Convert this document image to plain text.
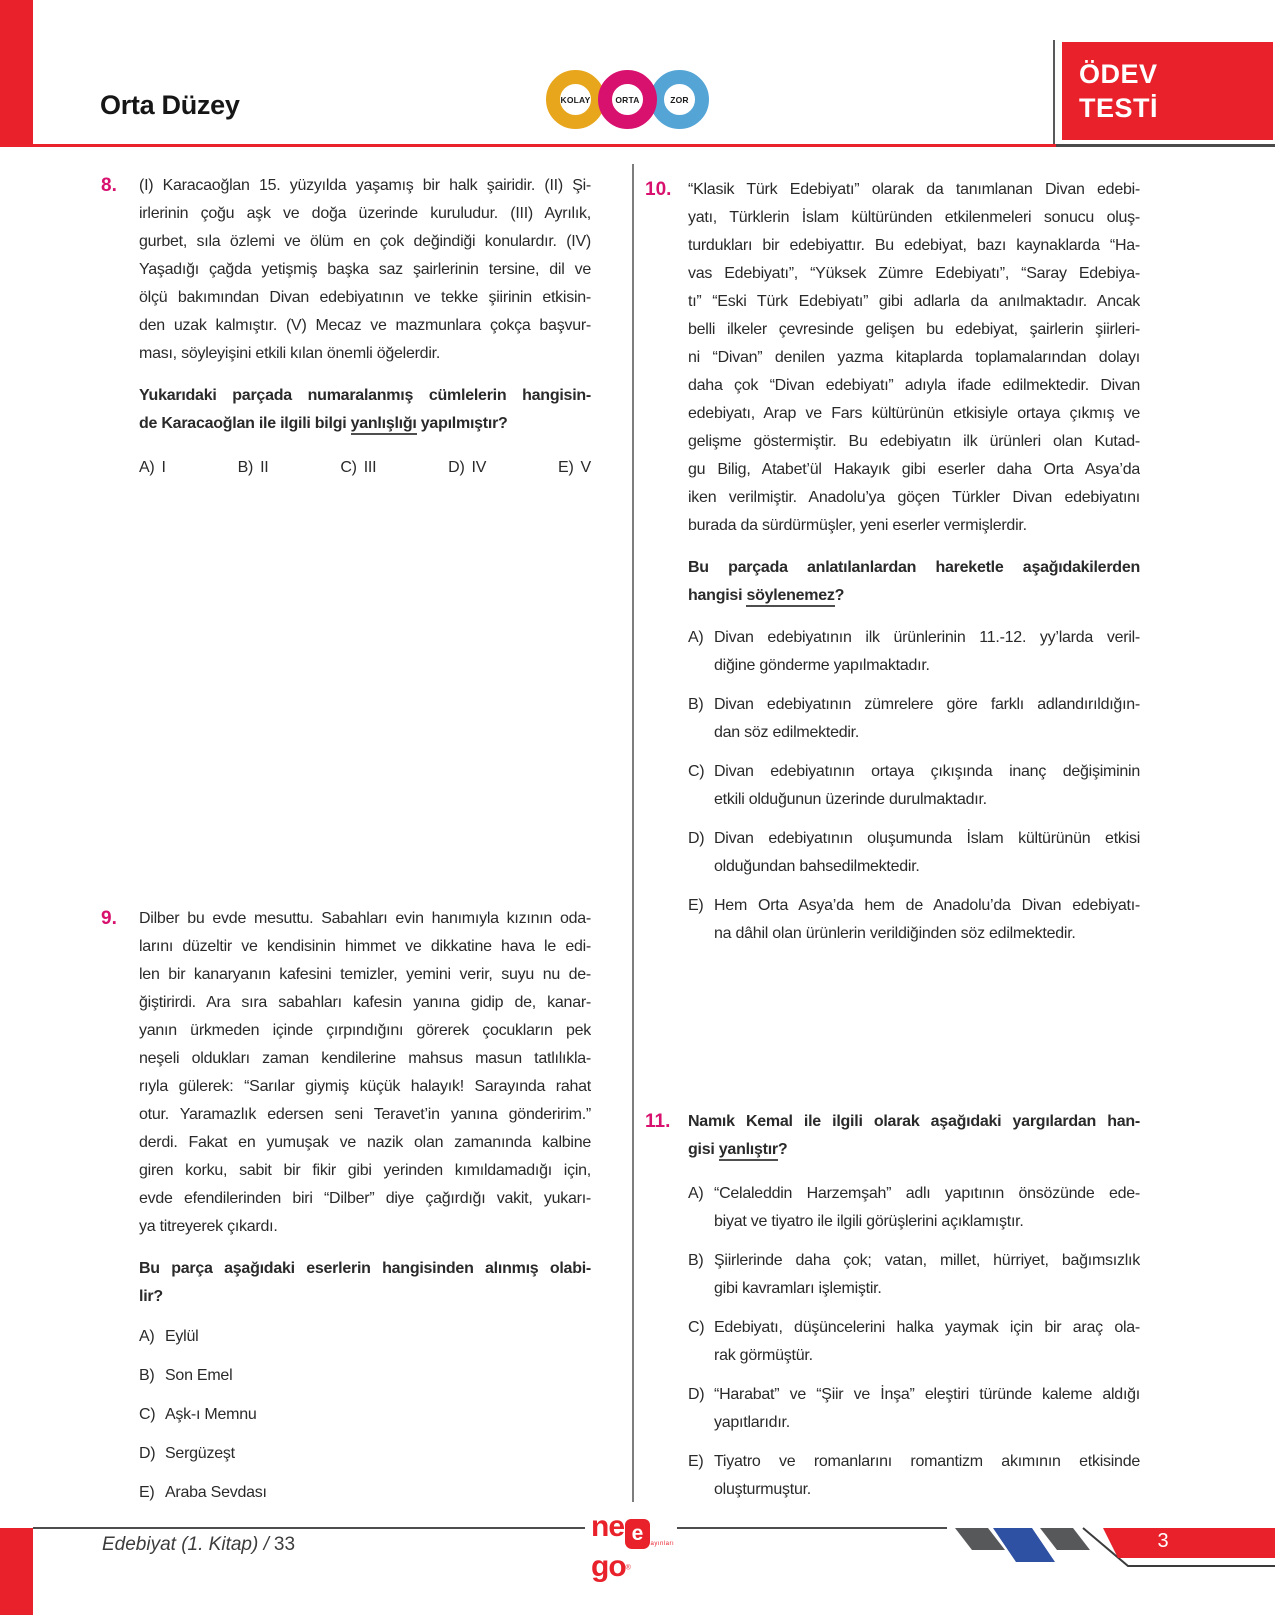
Orta Düzey	KOLAY	ORTA	ZOR
ÖDEV
TESTİ
8.	(I) Karacaoğlan 15. yüzyılda yaşamış bir halk şairidir. (II) Şi-
irlerinin çoğu aşk ve doğa üzerinde kuruludur. (III) Ayrılık,
gurbet, sıla özlemi ve ölüm en çok değindiği konulardır. (IV)
Yaşadığı çağda yetişmiş başka saz şairlerinin tersine, dil ve
ölçü bakımından Divan edebiyatının ve tekke şiirinin etkisin-
den uzak kalmıştır. (V) Mecaz ve mazmunlara çokça başvur-
ması, söyleyişini etkili kılan önemli öğelerdir.
Yukarıdaki parçada numaralanmış cümlelerin hangisin-
de Karacaoğlan ile ilgili bilgi yanlışlığı yapılmıştır?
A) I	B) II	C) III	D) IV	E) V
9.	Dilber bu evde mesuttu. Sabahları evin hanımıyla kızının oda-
larını düzeltir ve kendisinin himmet ve dikkatine hava le edi-
len bir kanaryanın kafesini temizler, yemini verir, suyu nu de-
ğiştirirdi. Ara sıra sabahları kafesin yanına gidip de, kanar-
yanın ürkmeden içinde çırpındığını görerek çocukların pek
neşeli oldukları zaman kendilerine mahsus masun tatlılıkla-
rıyla gülerek: “Sarılar giymiş küçük halayık! Sarayında rahat
otur. Yaramazlık edersen seni Teravet’in yanına gönderirim.”
derdi. Fakat en yumuşak ve nazik olan zamanında kalbine
giren korku, sabit bir fikir gibi yerinden kımıldamadığı için,
evde efendilerinden biri “Dilber” diye çağırdığı vakit, yukarı-
ya titreyerek çıkardı.
Bu parça aşağıdaki eserlerin hangisinden alınmış olabi-
lir?
A) Eylül
B) Son Emel
C) Aşk-ı Memnu
D) Sergüzeşt
E) Araba Sevdası
10.	“Klasik Türk Edebiyatı” olarak da tanımlanan Divan edebi-
yatı, Türklerin İslam kültüründen etkilenmeleri sonucu oluş-
turdukları bir edebiyattır. Bu edebiyat, bazı kaynaklarda “Ha-
vas Edebiyatı”, “Yüksek Zümre Edebiyatı”, “Saray Edebiya-
tı” “Eski Türk Edebiyatı” gibi adlarla da anılmaktadır. Ancak
belli ilkeler çevresinde gelişen bu edebiyat, şairlerin şiirleri-
ni “Divan” denilen yazma kitaplarda toplamalarından dolayı
daha çok “Divan edebiyatı” adıyla ifade edilmektedir. Divan
edebiyatı, Arap ve Fars kültürünün etkisiyle ortaya çıkmış ve
gelişme göstermiştir. Bu edebiyatın ilk ürünleri olan Kutad-
gu Bilig, Atabet’ül Hakayık gibi eserler daha Orta Asya’da
iken verilmiştir. Anadolu’ya göçen Türkler Divan edebiyatını
burada da sürdürmüşler, yeni eserler vermişlerdir.
Bu parçada anlatılanlardan hareketle aşağıdakilerden
hangisi söylenemez?
A) Divan edebiyatının ilk ürünlerinin 11.-12. yy’larda veril-
diğine gönderme yapılmaktadır.
B) Divan edebiyatının zümrelere göre farklı adlandırıldığın-
dan söz edilmektedir.
C) Divan edebiyatının ortaya çıkışında inanç değişiminin
etkili olduğunun üzerinde durulmaktadır.
D) Divan edebiyatının oluşumunda İslam kültürünün etkisi
olduğundan bahsedilmektedir.
E) Hem Orta Asya’da hem de Anadolu’da Divan edebiyatı-
na dâhil olan ürünlerin verildiğinden söz edilmektedir.
11.	Namık Kemal ile ilgili olarak aşağıdaki yargılardan han-
gisi yanlıştır?
A) “Celaleddin Harzemşah” adlı yapıtının önsözünde ede-
biyat ve tiyatro ile ilgili görüşlerini açıklamıştır.
B) Şiirlerinde daha çok; vatan, millet, hürriyet, bağımsızlık
gibi kavramları işlemiştir.
C) Edebiyatı, düşüncelerini halka yaymak için bir araç ola-
rak görmüştür.
D) “Harabat” ve “Şiir ve İnşa” eleştiri türünde kaleme aldığı
yapıtlarıdır.
E) Tiyatro ve romanlarını romantizm akımının etkisinde
oluşturmuştur.
Edebiyat (1. Kitap) / 33
ne ego®
yayınları	3
